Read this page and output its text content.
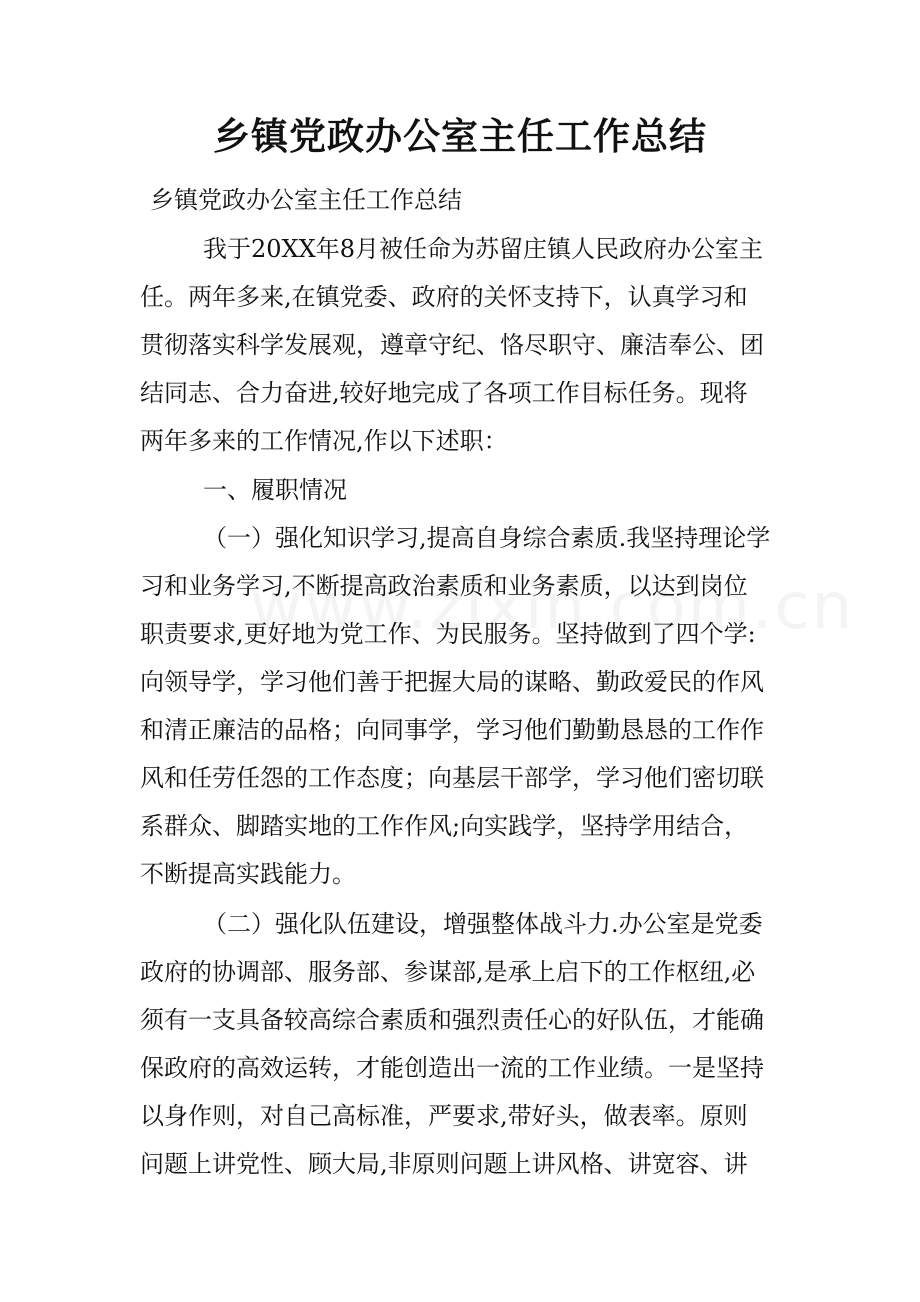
乡镇党政办公室主任工作总结
乡镇党政办公室主任工作总结
我于20XX年8月被任命为苏留庄镇人民政府办公室主
任。两年多来,在镇党委、政府的关怀支持下，认真学习和
贯彻落实科学发展观，遵章守纪、恪尽职守、廉洁奉公、团
结同志、合力奋进,较好地完成了各项工作目标任务。现将
两年多来的工作情况,作以下述职：
一、履职情况
（一）强化知识学习,提高自身综合素质.我坚持理论学
习和业务学习,不断提高政治素质和业务素质，以达到岗位
职责要求,更好地为党工作、为民服务。坚持做到了四个学:
向领导学，学习他们善于把握大局的谋略、勤政爱民的作风
和清正廉洁的品格；向同事学，学习他们勤勤恳恳的工作作
风和任劳任怨的工作态度；向基层干部学，学习他们密切联
系群众、脚踏实地的工作作风;向实践学，坚持学用结合，
不断提高实践能力。
（二）强化队伍建设，增强整体战斗力.办公室是党委
政府的协调部、服务部、参谋部,是承上启下的工作枢纽,必
须有一支具备较高综合素质和强烈责任心的好队伍，才能确
保政府的高效运转，才能创造出一流的工作业绩。一是坚持
以身作则，对自己高标准，严要求,带好头，做表率。原则
问题上讲党性、顾大局,非原则问题上讲风格、讲宽容、讲
